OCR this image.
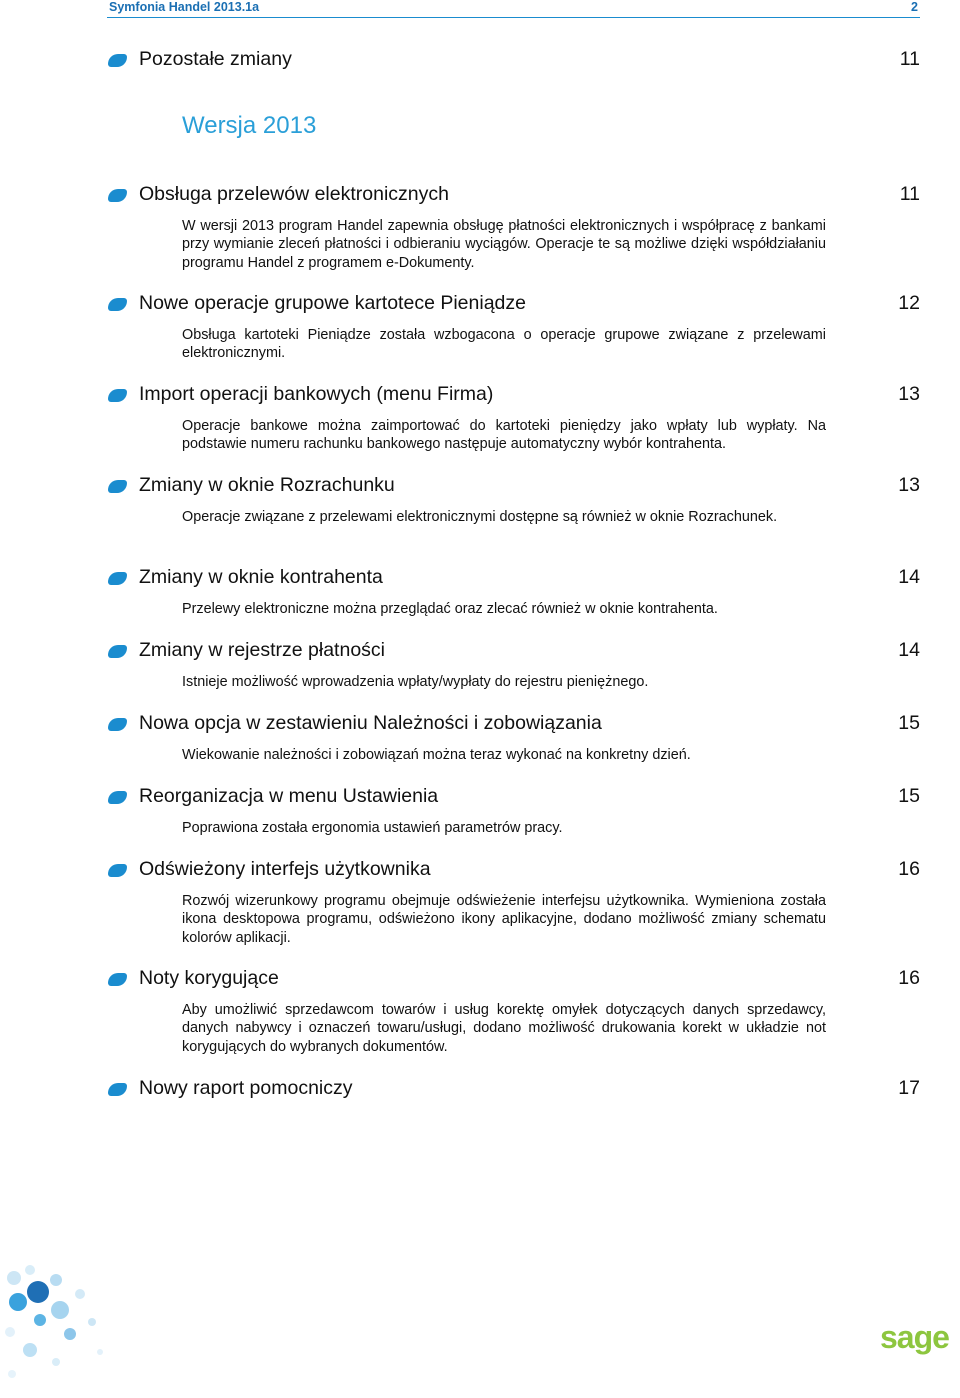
Symfonia Handel 2013.1a	2
Pozostałe zmiany	11
Wersja 2013
Obsługa przelewów elektronicznych	11
W wersji 2013 program Handel zapewnia obsługę płatności elektronicznych i współpracę z bankami przy wymianie zleceń płatności i odbieraniu wyciągów. Operacje te są możliwe dzięki współdziałaniu programu Handel z programem e-Dokumenty.
Nowe operacje grupowe kartotece Pieniądze	12
Obsługa kartoteki Pieniądze została wzbogacona o operacje grupowe związane z przelewami elektronicznymi.
Import operacji bankowych (menu Firma)	13
Operacje bankowe można zaimportować do kartoteki pieniędzy jako wpłaty lub wypłaty. Na podstawie numeru rachunku bankowego następuje automatyczny wybór kontrahenta.
Zmiany w oknie Rozrachunku	13
Operacje związane z przelewami elektronicznymi dostępne są również w oknie Rozrachunek.
Zmiany w oknie kontrahenta	14
Przelewy elektroniczne można przeglądać oraz zlecać również w oknie kontrahenta.
Zmiany w rejestrze płatności	14
Istnieje możliwość wprowadzenia wpłaty/wypłaty do rejestru pieniężnego.
Nowa opcja w zestawieniu Należności i zobowiązania	15
Wiekowanie należności i zobowiązań można teraz wykonać na konkretny dzień.
Reorganizacja w menu Ustawienia	15
Poprawiona została ergonomia ustawień parametrów pracy.
Odświeżony interfejs użytkownika	16
Rozwój wizerunkowy programu obejmuje odświeżenie interfejsu użytkownika. Wymieniona została ikona desktopowa programu, odświeżono ikony aplikacyjne, dodano możliwość zmiany schematu kolorów aplikacji.
Noty korygujące	16
Aby umożliwić sprzedawcom towarów i usług korektę omyłek dotyczących danych sprzedawcy, danych nabywcy i oznaczeń towaru/usługi, dodano możliwość drukowania korekt w układzie not korygujących do wybranych dokumentów.
Nowy raport pomocniczy	17
sage
